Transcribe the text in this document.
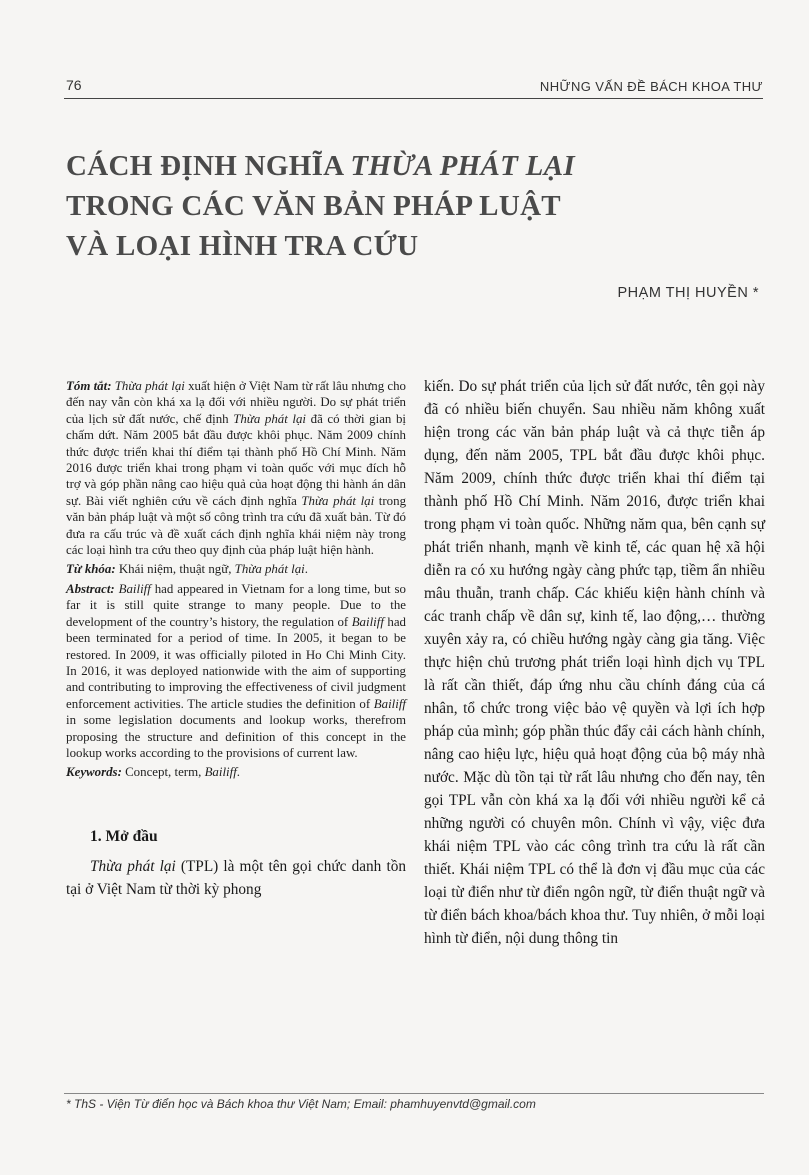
76	NHỮNG VẤN ĐỀ BÁCH KHOA THƯ
CÁCH ĐỊNH NGHĨA THỪA PHÁT LẠI
TRONG CÁC VĂN BẢN PHÁP LUẬT
VÀ LOẠI HÌNH TRA CỨU
PHẠM THỊ HUYỀN *

Tóm tắt: Thừa phát lại xuất hiện ở Việt Nam từ rất lâu nhưng cho đến nay vẫn còn khá xa lạ đối với nhiều người. Do sự phát triển của lịch sử đất nước, chế định Thừa phát lại đã có thời gian bị chấm dứt. Năm 2005 bắt đầu được khôi phục. Năm 2009 chính thức được triển khai thí điểm tại thành phố Hồ Chí Minh. Năm 2016 được triển khai trong phạm vi toàn quốc với mục đích hỗ trợ và góp phần nâng cao hiệu quả của hoạt động thi hành án dân sự. Bài viết nghiên cứu về cách định nghĩa Thừa phát lại trong văn bản pháp luật và một số công trình tra cứu đã xuất bản. Từ đó đưa ra cấu trúc và đề xuất cách định nghĩa khái niệm này trong các loại hình tra cứu theo quy định của pháp luật hiện hành.

Từ khóa: Khái niệm, thuật ngữ, Thừa phát lại.

Abstract: Bailiff had appeared in Vietnam for a long time, but so far it is still quite strange to many people. Due to the development of the country’s history, the regulation of Bailiff had been terminated for a period of time. In 2005, it began to be restored. In 2009, it was officially piloted in Ho Chi Minh City. In 2016, it was deployed nationwide with the aim of supporting and contributing to improving the effectiveness of civil judgment enforcement activities. The article studies the definition of Bailiff in some legislation documents and lookup works, therefrom proposing the structure and definition of this concept in the lookup works according to the provisions of current law.

Keywords: Concept, term, Bailiff.

1. Mở đầu

Thừa phát lại (TPL) là một tên gọi chức danh tồn tại ở Việt Nam từ thời kỳ phong

kiến. Do sự phát triển của lịch sử đất nước, tên gọi này đã có nhiều biến chuyển. Sau nhiều năm không xuất hiện trong các văn bản pháp luật và cả thực tiễn áp dụng, đến năm 2005, TPL bắt đầu được khôi phục. Năm 2009, chính thức được triển khai thí điểm tại thành phố Hồ Chí Minh. Năm 2016, được triển khai trong phạm vi toàn quốc. Những năm qua, bên cạnh sự phát triển nhanh, mạnh về kinh tế, các quan hệ xã hội diễn ra có xu hướng ngày càng phức tạp, tiềm ẩn nhiều mâu thuẫn, tranh chấp. Các khiếu kiện hành chính và các tranh chấp về dân sự, kinh tế, lao động,… thường xuyên xảy ra, có chiều hướng ngày càng gia tăng. Việc thực hiện chủ trương phát triển loại hình dịch vụ TPL là rất cần thiết, đáp ứng nhu cầu chính đáng của cá nhân, tổ chức trong việc bảo vệ quyền và lợi ích hợp pháp của mình; góp phần thúc đẩy cải cách hành chính, nâng cao hiệu lực, hiệu quả hoạt động của bộ máy nhà nước. Mặc dù tồn tại từ rất lâu nhưng cho đến nay, tên gọi TPL vẫn còn khá xa lạ đối với nhiều người kể cả những người có chuyên môn. Chính vì vậy, việc đưa khái niệm TPL vào các công trình tra cứu là rất cần thiết. Khái niệm TPL có thể là đơn vị đầu mục của các loại từ điển như từ điển ngôn ngữ, từ điển thuật ngữ và từ điển bách khoa/bách khoa thư. Tuy nhiên, ở mỗi loại hình từ điển, nội dung thông tin

* ThS - Viện Từ điển học và Bách khoa thư Việt Nam; Email: phamhuyenvtd@gmail.com
